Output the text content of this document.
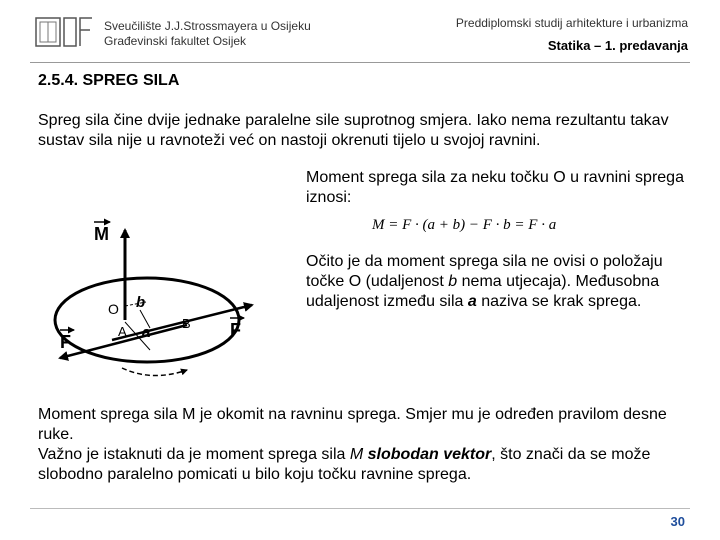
Sveučilište J.J.Strossmayera u Osijeku
Građevinski fakultet Osijek
Preddiplomski studij arhitekture i urbanizma
Statika – 1. predavanja
2.5.4. SPREG SILA
Spreg sila čine dvije jednake paralelne sile suprotnog smjera. Iako nema rezultantu takav sustav sila nije u ravnoteži već on nastoji okrenuti tijelo u svojoj ravnini.
Moment sprega sila za neku točku O u ravnini sprega iznosi:
M = F · (a + b) − F · b = F · a
Očito je da moment sprega sila ne ovisi o položaju točke O (udaljenost b nema utjecaja). Međusobna udaljenost između sila a naziva se krak sprega.
M
F
F
O
A
B
b
a
Moment sprega sila M je okomit na ravninu sprega. Smjer mu je određen pravilom desne ruke.
Važno je istaknuti da je moment sprega sila M slobodan vektor, što znači da se može slobodno paralelno pomicati u bilo koju točku ravnine sprega.
30
